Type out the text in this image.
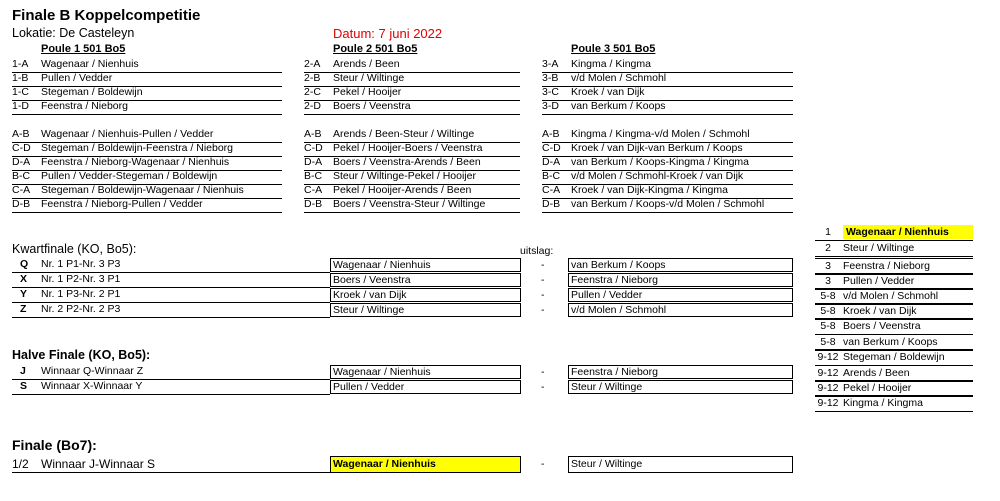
Finale B Koppelcompetitie
Lokatie: De Casteleyn	Datum: 7 juni 2022
Poule 1 501 Bo5
1-A Wagenaar / Nienhuis
1-B Pullen / Vedder
1-C Stegeman / Boldewijn
1-D Feenstra / Nieborg
A-B Wagenaar / Nienhuis-Pullen / Vedder
C-D Stegeman / Boldewijn-Feenstra / Nieborg
D-A Feenstra / Nieborg-Wagenaar / Nienhuis
B-C Pullen / Vedder-Stegeman / Boldewijn
C-A Stegeman / Boldewijn-Wagenaar / Nienhuis
D-B Feenstra / Nieborg-Pullen / Vedder
Poule 2 501 Bo5
2-A Arends / Been
2-B Steur / Wiltinge
2-C Pekel / Hooijer
2-D Boers / Veenstra
A-B Arends / Been-Steur / Wiltinge
C-D Pekel / Hooijer-Boers / Veenstra
D-A Boers / Veenstra-Arends / Been
B-C Steur / Wiltinge-Pekel / Hooijer
C-A Pekel / Hooijer-Arends / Been
D-B Boers / Veenstra-Steur / Wiltinge
Poule 3 501 Bo5
3-A Kingma / Kingma
3-B v/d Molen / Schmohl
3-C Kroek / van Dijk
3-D van Berkum / Koops
A-B Kingma / Kingma-v/d Molen / Schmohl
C-D Kroek / van Dijk-van Berkum / Koops
D-A van Berkum / Koops-Kingma / Kingma
B-C v/d Molen / Schmohl-Kroek / van Dijk
C-A Kroek / van Dijk-Kingma / Kingma
D-B van Berkum / Koops-v/d Molen / Schmohl
Kwartfinale (KO, Bo5):	uitslag:
Q Nr. 1 P1-Nr. 3 P3	Wagenaar / Nienhuis	-	van Berkum / Koops
X Nr. 1 P2-Nr. 3 P1	Boers / Veenstra	-	Feenstra / Nieborg
Y Nr. 1 P3-Nr. 2 P1	Kroek / van Dijk	-	Pullen / Vedder
Z Nr. 2 P2-Nr. 2 P3	Steur / Wiltinge	-	v/d Molen / Schmohl
Halve Finale (KO, Bo5):
J Winnaar Q-Winnaar Z	Wagenaar / Nienhuis	-	Feenstra / Nieborg
S Winnaar X-Winnaar Y	Pullen / Vedder	-	Steur / Wiltinge
Finale (Bo7):
1/2 Winnaar J-Winnaar S	Wagenaar / Nienhuis	-	Steur / Wiltinge
1	Wagenaar / Nienhuis
2	Steur / Wiltinge
3	Feenstra / Nieborg
3	Pullen / Vedder
5-8 v/d Molen / Schmohl
5-8 Kroek / van Dijk
5-8 Boers / Veenstra
5-8 van Berkum / Koops
9-12 Stegeman / Boldewijn
9-12 Arends / Been
9-12 Pekel / Hooijer
9-12 Kingma / Kingma
